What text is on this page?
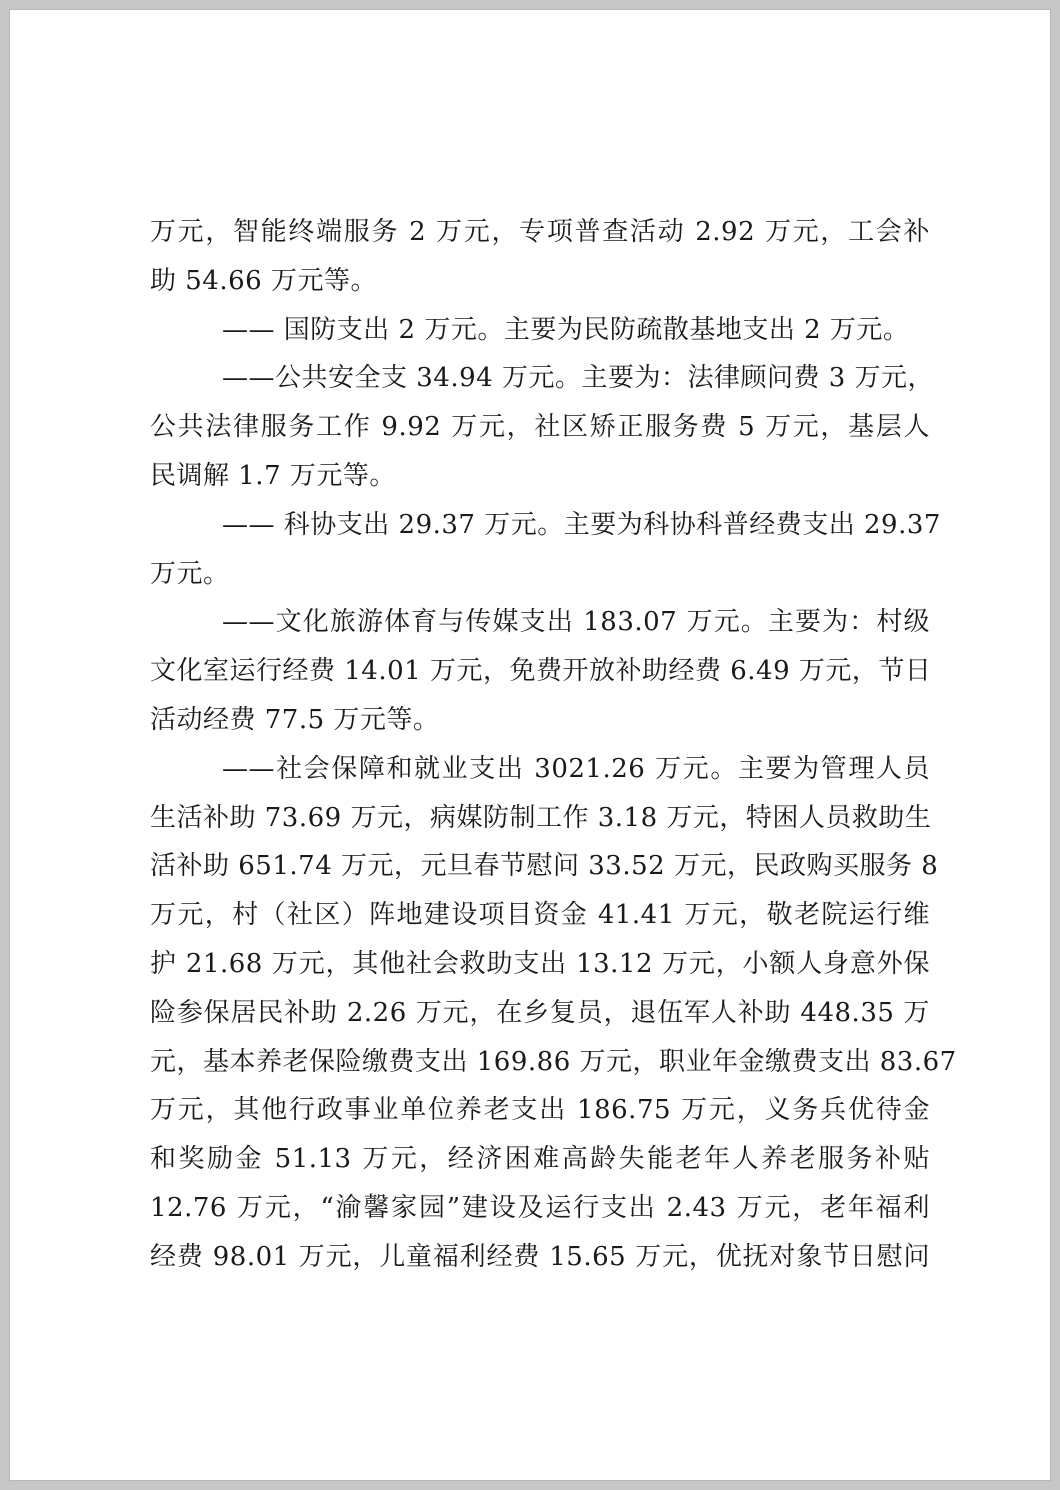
万元，智能终端服务 2 万元，专项普查活动 2.92 万元，工会补
助 54.66 万元等。
—— 国防支出 2 万元。主要为民防疏散基地支出 2 万元。
——公共安全支 34.94 万元。主要为：法律顾问费 3 万元，
公共法律服务工作 9.92 万元，社区矫正服务费 5 万元，基层人
民调解 1.7 万元等。
—— 科协支出 29.37 万元。主要为科协科普经费支出 29.37
万元。
——文化旅游体育与传媒支出 183.07 万元。主要为：村级
文化室运行经费 14.01 万元，免费开放补助经费 6.49 万元，节日
活动经费 77.5 万元等。
——社会保障和就业支出 3021.26 万元。主要为管理人员
生活补助 73.69 万元，病媒防制工作 3.18 万元，特困人员救助生
活补助 651.74 万元，元旦春节慰问 33.52 万元，民政购买服务 8
万元，村（社区）阵地建设项目资金 41.41 万元，敬老院运行维
护 21.68 万元，其他社会救助支出 13.12 万元，小额人身意外保
险参保居民补助 2.26 万元，在乡复员，退伍军人补助 448.35 万
元，基本养老保险缴费支出 169.86 万元，职业年金缴费支出 83.67
万元，其他行政事业单位养老支出 186.75 万元，义务兵优待金
和奖励金 51.13 万元，经济困难高龄失能老年人养老服务补贴
12.76 万元，“渝馨家园”建设及运行支出 2.43 万元，老年福利
经费 98.01 万元，儿童福利经费 15.65 万元，优抚对象节日慰问
